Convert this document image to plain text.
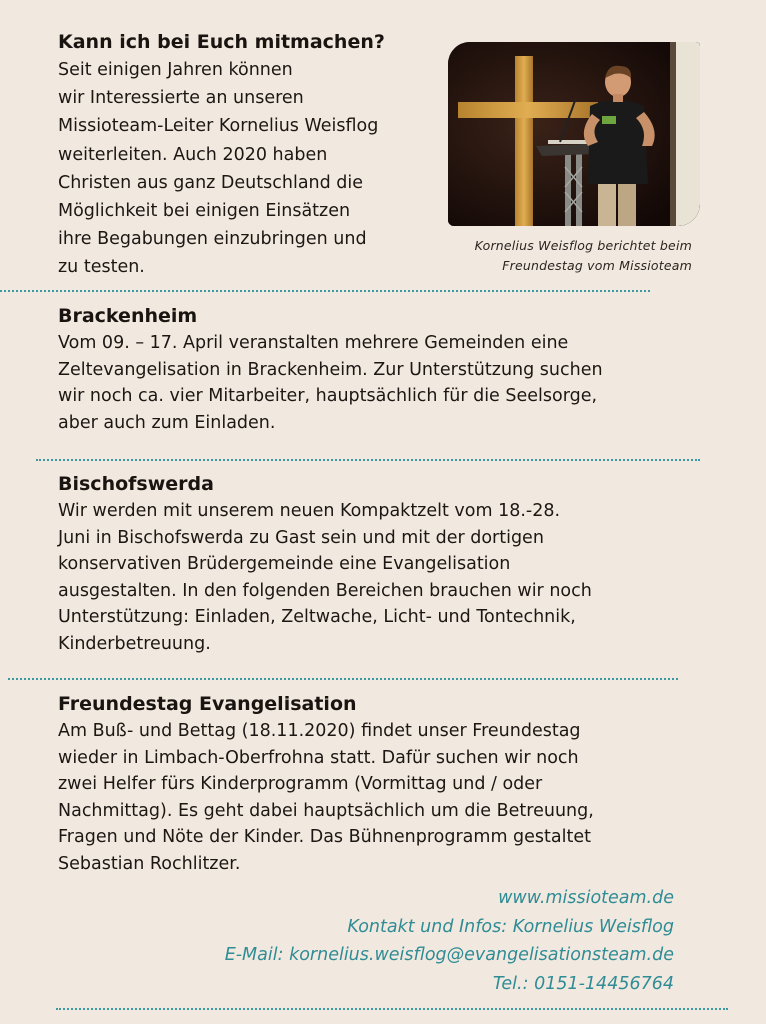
Kann ich bei Euch mitmachen?

Seit einigen Jahren können
wir Interessierte an unseren
Missioteam-Leiter Kornelius Weisflog
weiterleiten. Auch 2020 haben
Christen aus ganz Deutschland die
Möglichkeit bei einigen Einsätzen
ihre Begabungen einzubringen und
zu testen.

Kornelius Weisflog berichtet beim
Freundestag vom Missioteam
Brackenheim

Vom 09. – 17. April veranstalten mehrere Gemeinden eine
Zeltevangelisation in Brackenheim. Zur Unterstützung suchen
wir noch ca. vier Mitarbeiter, hauptsächlich für die Seelsorge,
aber auch zum Einladen.

Bischofswerda

Wir werden mit unserem neuen Kompaktzelt vom 18.-28.
Juni in Bischofswerda zu Gast sein und mit der dortigen
konservativen Brüdergemeinde eine Evangelisation
ausgestalten. In den folgenden Bereichen brauchen wir noch
Unterstützung: Einladen, Zeltwache, Licht- und Tontechnik,
Kinderbetreuung.

Freundestag Evangelisation

Am Buß- und Bettag (18.11.2020) findet unser Freundestag
wieder in Limbach-Oberfrohna statt. Dafür suchen wir noch
zwei Helfer fürs Kinderprogramm (Vormittag und / oder
Nachmittag). Es geht dabei hauptsächlich um die Betreuung,
Fragen und Nöte der Kinder. Das Bühnenprogramm gestaltet
Sebastian Rochlitzer.

www.missioteam.de
Kontakt und Infos: Kornelius Weisflog
E-Mail: kornelius.weisflog@evangelisationsteam.de
Tel.: 0151-14456764
